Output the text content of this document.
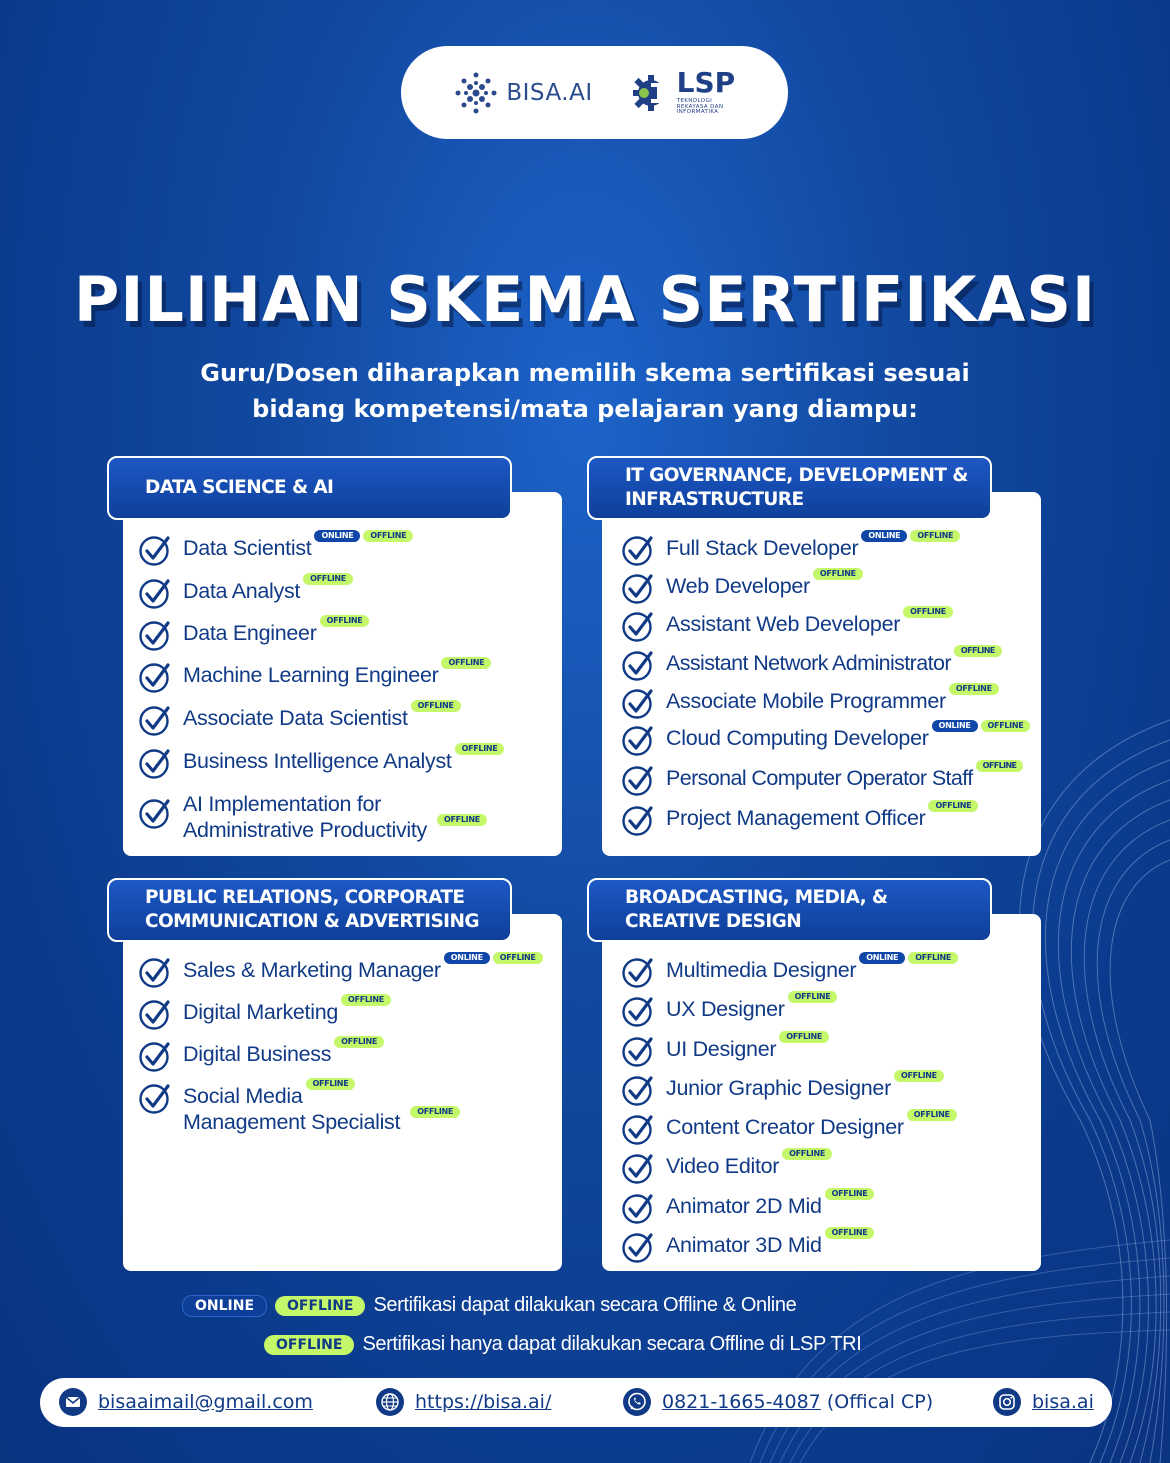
BISA.AI	LSP
TEKNOLOGI REKAYASA DAN INFORMATIKA
PILIHAN SKEMA SERTIFIKASI
Guru/Dosen diharapkan memilih skema sertifikasi sesuai
bidang kompetensi/mata pelajaran yang diampu:
DATA SCIENCE & AI
IT GOVERNANCE, DEVELOPMENT &
INFRASTRUCTURE
PUBLIC RELATIONS, CORPORATE
COMMUNICATION & ADVERTISING
BROADCASTING, MEDIA, &
CREATIVE DESIGN
Data ScientistONLINE OFFLINE
Data AnalystOFFLINE
Data EngineerOFFLINE
Machine Learning EngineerOFFLINE
Associate Data ScientistOFFLINE
Business Intelligence AnalystOFFLINE
AI Implementation for
Administrative Productivity OFFLINE
Full Stack DeveloperONLINE OFFLINE
Web DeveloperOFFLINE
Assistant Web DeveloperOFFLINE
Assistant Network AdministratorOFFLINE
Associate Mobile ProgrammerOFFLINE
Cloud Computing DeveloperONLINE OFFLINE
Personal Computer Operator StaffOFFLINE
Project Management OfficerOFFLINE
Sales & Marketing ManagerONLINE OFFLINE
Digital MarketingOFFLINE
Digital BusinessOFFLINE
Social MediaOFFLINE
Management Specialist OFFLINE
Multimedia DesignerONLINE OFFLINE
UX DesignerOFFLINE
UI DesignerOFFLINE
Junior Graphic DesignerOFFLINE
Content Creator DesignerOFFLINE
Video EditorOFFLINE
Animator 2D MidOFFLINE
Animator 3D MidOFFLINE
ONLINE	OFFLINE	Sertifikasi dapat dilakukan secara Offline & Online
OFFLINE	Sertifikasi hanya dapat dilakukan secara Offline di LSP TRI
bisaaimail@gmail.com	https://bisa.ai/	0821-1665-4087 (Offical CP)	bisa.ai
